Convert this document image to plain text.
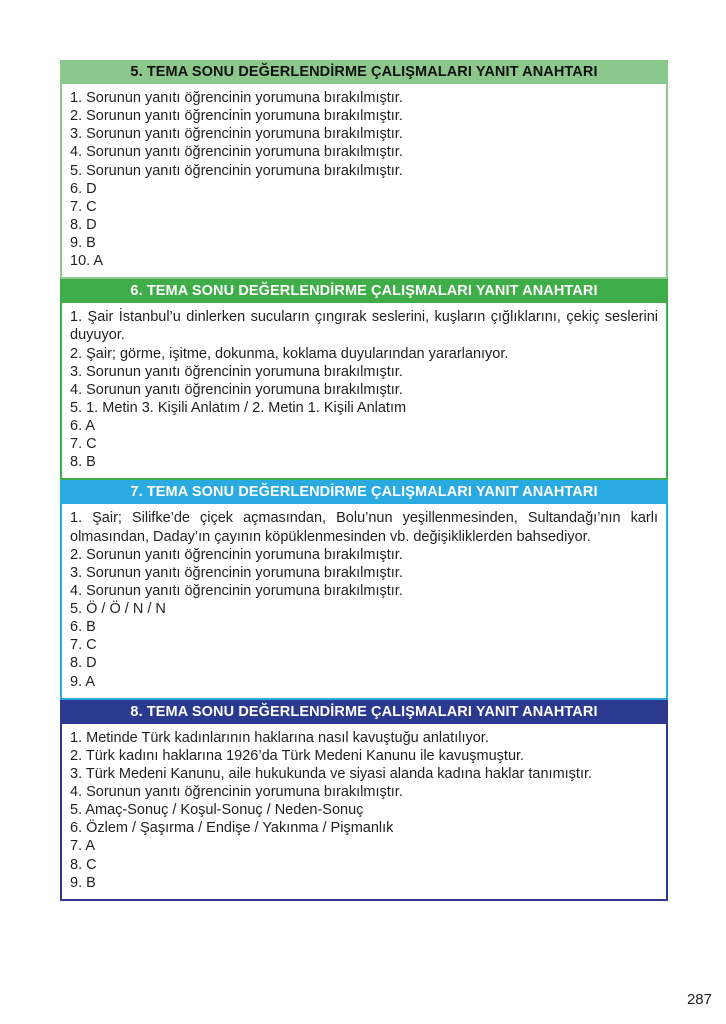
5. TEMA SONU DEĞERLENDİRME ÇALIŞMALARI YANIT ANAHTARI

1. Sorunun yanıtı öğrencinin yorumuna bırakılmıştır.

2. Sorunun yanıtı öğrencinin yorumuna bırakılmıştır.

3. Sorunun yanıtı öğrencinin yorumuna bırakılmıştır.

4. Sorunun yanıtı öğrencinin yorumuna bırakılmıştır.

5. Sorunun yanıtı öğrencinin yorumuna bırakılmıştır.

6. D

7. C

8. D

9. B

10. A

6. TEMA SONU DEĞERLENDİRME ÇALIŞMALARI YANIT ANAHTARI

1. Şair İstanbul’u dinlerken sucuların çıngırak seslerini, kuşların çığlıklarını, çekiç seslerini duyuyor.

2. Şair; görme, işitme, dokunma, koklama duyularından yararlanıyor.

3. Sorunun yanıtı öğrencinin yorumuna bırakılmıştır.

4. Sorunun yanıtı öğrencinin yorumuna bırakılmıştır.

5. 1. Metin 3. Kişili Anlatım / 2. Metin 1. Kişili Anlatım

6. A

7. C

8. B

7. TEMA SONU DEĞERLENDİRME ÇALIŞMALARI YANIT ANAHTARI

1. Şair; Silifke’de çiçek açmasından, Bolu’nun yeşillenmesinden, Sultandağı’nın karlı olmasından, Daday’ın çayının köpüklenmesinden vb. değişikliklerden bahsediyor.

2. Sorunun yanıtı öğrencinin yorumuna bırakılmıştır.

3. Sorunun yanıtı öğrencinin yorumuna bırakılmıştır.

4. Sorunun yanıtı öğrencinin yorumuna bırakılmıştır.

5. Ö / Ö / N / N

6. B

7. C

8. D

9. A

8. TEMA SONU DEĞERLENDİRME ÇALIŞMALARI YANIT ANAHTARI

1. Metinde Türk kadınlarının haklarına nasıl kavuştuğu anlatılıyor.

2. Türk kadını haklarına 1926’da Türk Medeni Kanunu ile kavuşmuştur.

3. Türk Medeni Kanunu, aile hukukunda ve siyasi alanda kadına haklar tanımıştır.

4. Sorunun yanıtı öğrencinin yorumuna bırakılmıştır.

5. Amaç-Sonuç / Koşul-Sonuç / Neden-Sonuç

6. Özlem / Şaşırma / Endişe / Yakınma / Pişmanlık

7. A

8. C

9. B

287
